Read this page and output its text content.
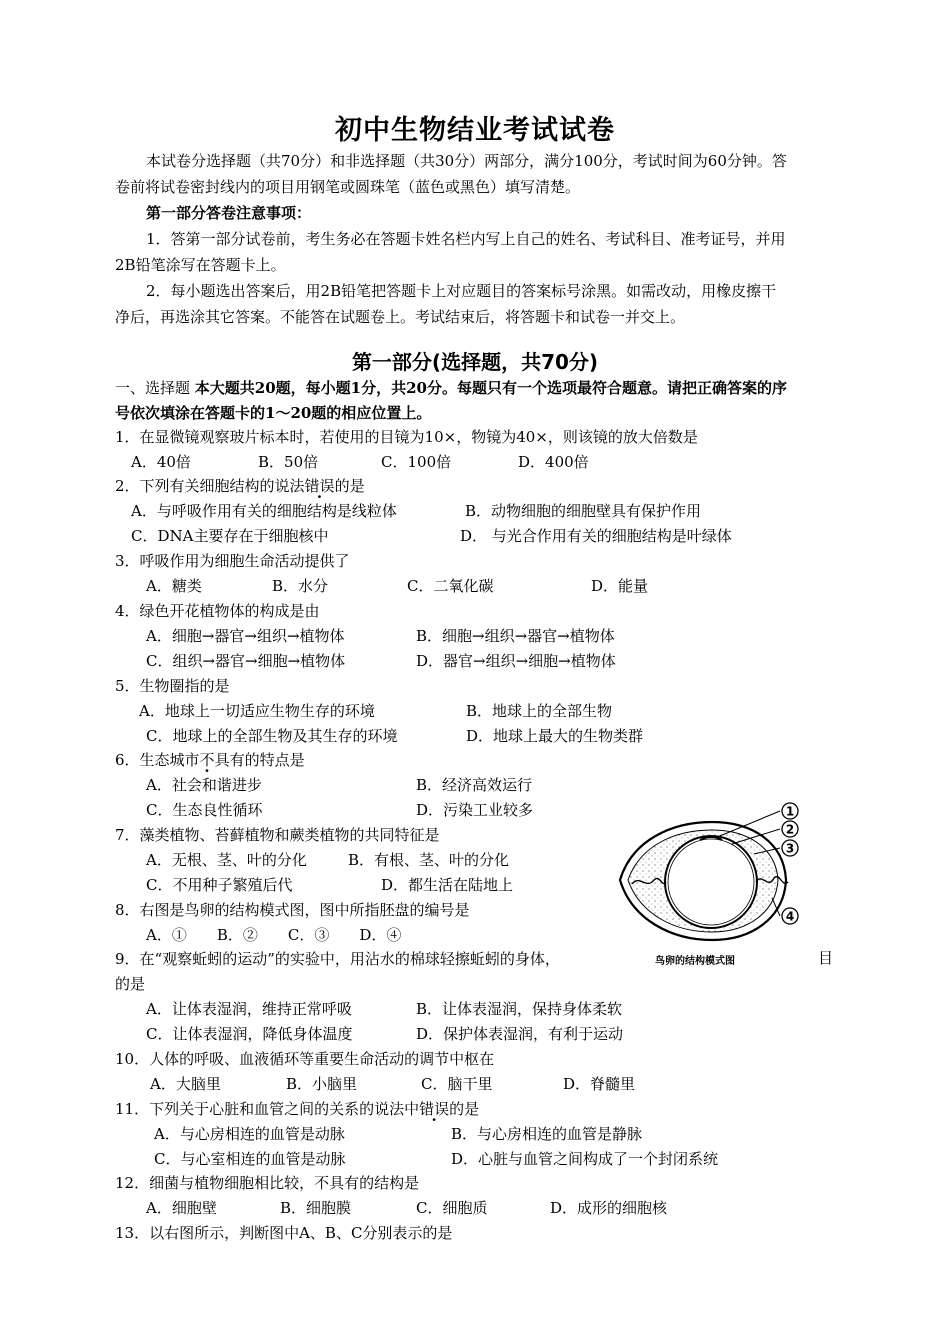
初中生物结业考试试卷
本试卷分选择题（共70分）和非选择题（共30分）两部分，满分100分，考试时间为60分钟。答
卷前将试卷密封线内的项目用钢笔或圆珠笔（蓝色或黑色）填写清楚。
第一部分答卷注意事项：
1．答第一部分试卷前，考生务必在答题卡姓名栏内写上自己的姓名、考试科目、准考证号，并用
2B铅笔涂写在答题卡上。
2．每小题选出答案后，用2B铅笔把答题卡上对应题目的答案标号涂黑。如需改动，用橡皮擦干
净后，再选涂其它答案。不能答在试题卷上。考试结束后，将答题卡和试卷一并交上。
第一部分(选择题，共70分)
一、选择题 本大题共20题，每小题1分，共20分。每题只有一个选项最符合题意。请把正确答案的序
号依次填涂在答题卡的1～20题的相应位置上。
1．在显微镜观察玻片标本时，若使用的目镜为10×，物镜为40×，则该镜的放大倍数是
A．40倍	B．50倍	C．100倍	D．400倍
2．下列有关细胞结构的说法错误的是
A．与呼吸作用有关的细胞结构是线粒体	B．动物细胞的细胞壁具有保护作用
C．DNA主要存在于细胞核中	D． 与光合作用有关的细胞结构是叶绿体
3．呼吸作用为细胞生命活动提供了
A．糖类	B．水分	C．二氧化碳	D．能量
4．绿色开花植物体的构成是由
A．细胞→器官→组织→植物体	B．细胞→组织→器官→植物体
C．组织→器官→细胞→植物体	D．器官→组织→细胞→植物体
5．生物圈指的是
A．地球上一切适应生物生存的环境	B．地球上的全部生物
C．地球上的全部生物及其生存的环境	D．地球上最大的生物类群
6．生态城市不具有的特点是
A．社会和谐进步	B．经济高效运行
C．生态良性循环	D．污染工业较多
7．藻类植物、苔藓植物和蕨类植物的共同特征是
A．无根、茎、叶的分化	B．有根、茎、叶的分化
C．不用种子繁殖后代	D．都生活在陆地上
8．右图是鸟卵的结构模式图，图中所指胚盘的编号是
A．①　　B．②　　C．③　　D．④
9．在“观察蚯蚓的运动”的实验中，用沾水的棉球轻擦蚯蚓的身体，	目
的是
A．让体表湿润，维持正常呼吸	B．让体表湿润，保持身体柔软
C．让体表湿润，降低身体温度	D．保护体表湿润，有利于运动
10．人体的呼吸、血液循环等重要生命活动的调节中枢在
A．大脑里	B．小脑里	C．脑干里	D．脊髓里
11．下列关于心脏和血管之间的关系的说法中错误的是
A．与心房相连的血管是动脉	B．与心房相连的血管是静脉
C．与心室相连的血管是动脉	D．心脏与血管之间构成了一个封闭系统
12．细菌与植物细胞相比较，不具有的结构是
A．细胞壁	B．细胞膜	C．细胞质	D．成形的细胞核
13．以右图所示，判断图中A、B、C分别表示的是
1
2
3
4
鸟卵的结构模式图
